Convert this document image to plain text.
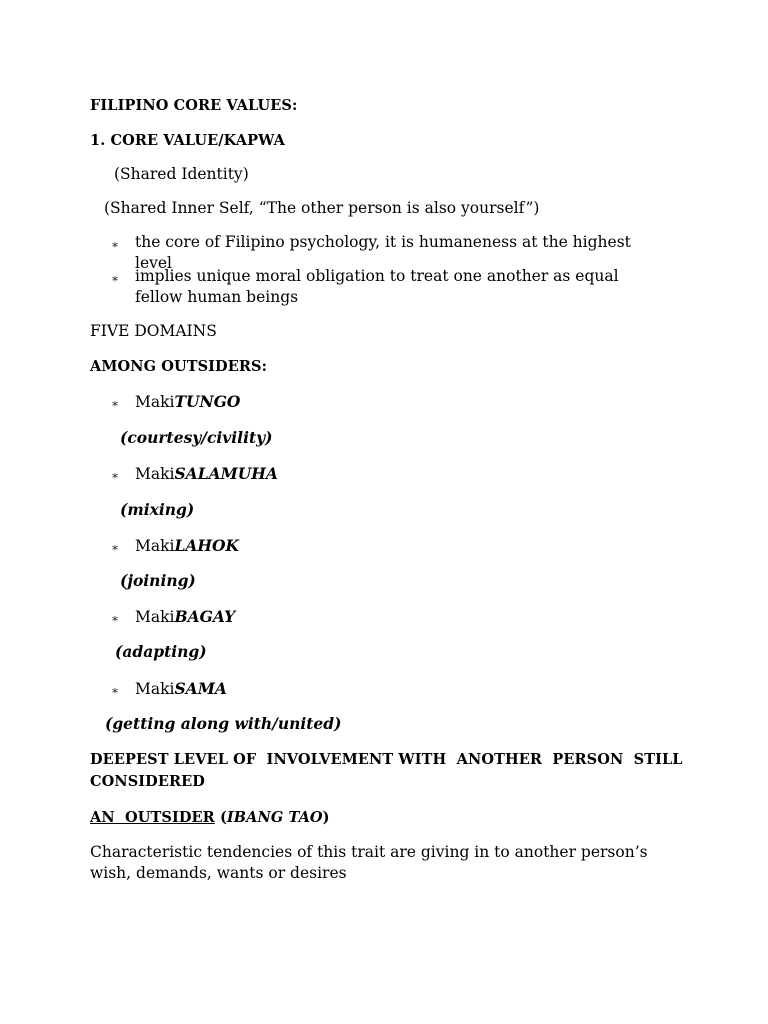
FILIPINO CORE VALUES:
1. CORE VALUE/KAPWA
(Shared Identity)
(Shared Inner Self, “The other person is also yourself”)
⁎ the core of Filipino psychology, it is humaneness at the highest level
⁎ implies unique moral obligation to treat one another as equal fellow human beings
FIVE DOMAINS
AMONG OUTSIDERS:
⁎ MakiTUNGO
(courtesy/civility)
⁎ MakiSALAMUHA
(mixing)
⁎ MakiLAHOK
(joining)
⁎ MakiBAGAY
(adapting)
⁎ MakiSAMA
(getting along with/united)
DEEPEST LEVEL OF  INVOLVEMENT WITH  ANOTHER  PERSON  STILL
CONSIDERED
AN  OUTSIDER (IBANG TAO)
Characteristic tendencies of this trait are giving in to another person’s wish, demands, wants or desires
